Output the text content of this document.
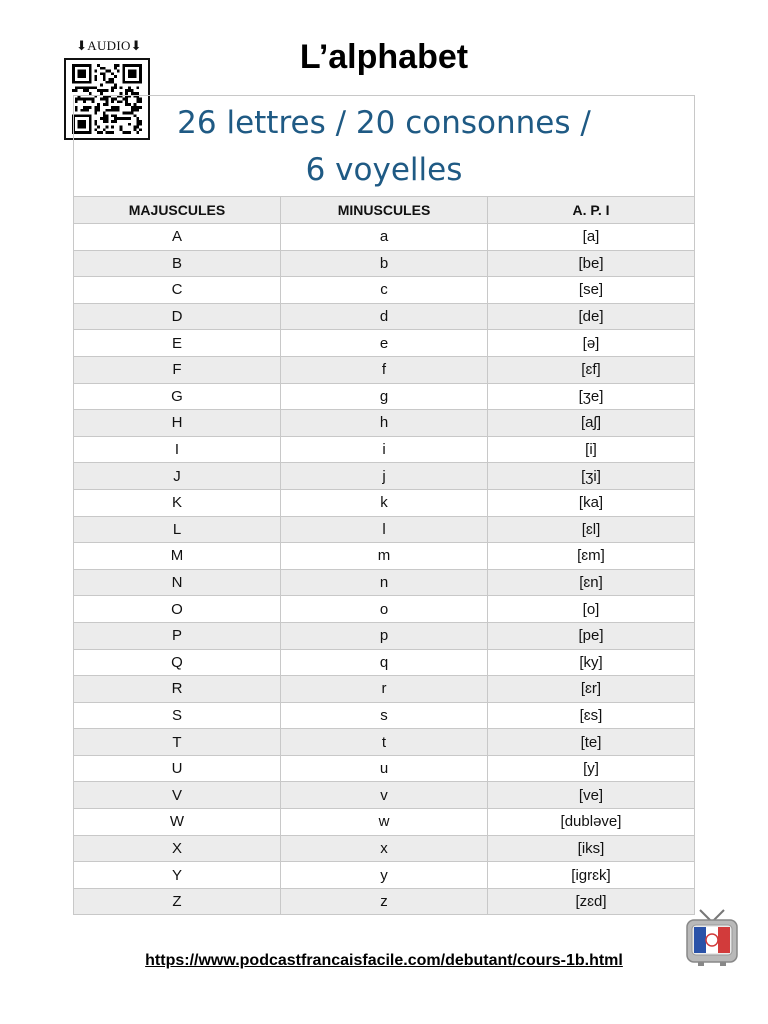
⬇AUDIO⬇	L’alphabet
26 lettres / 20 consonnes /
6 voyelles
MAJUSCULES	MINUSCULES	A. P. I
A	a	[a]
B	b	[be]
C	c	[se]
D	d	[de]
E	e	[ə]
F	f	[ɛf]
G	g	[ʒe]
H	h	[aʃ]
I	i	[i]
J	j	[ʒi]
K	k	[ka]
L	l	[ɛl]
M	m	[ɛm]
N	n	[ɛn]
O	o	[o]
P	p	[pe]
Q	q	[ky]
R	r	[ɛr]
S	s	[ɛs]
T	t	[te]
U	u	[y]
V	v	[ve]
W	w	[dubləve]
X	x	[iks]
Y	y	[igrɛk]
Z	z	[zɛd]
https://www.podcastfrancaisfacile.com/debutant/cours-1b.html
